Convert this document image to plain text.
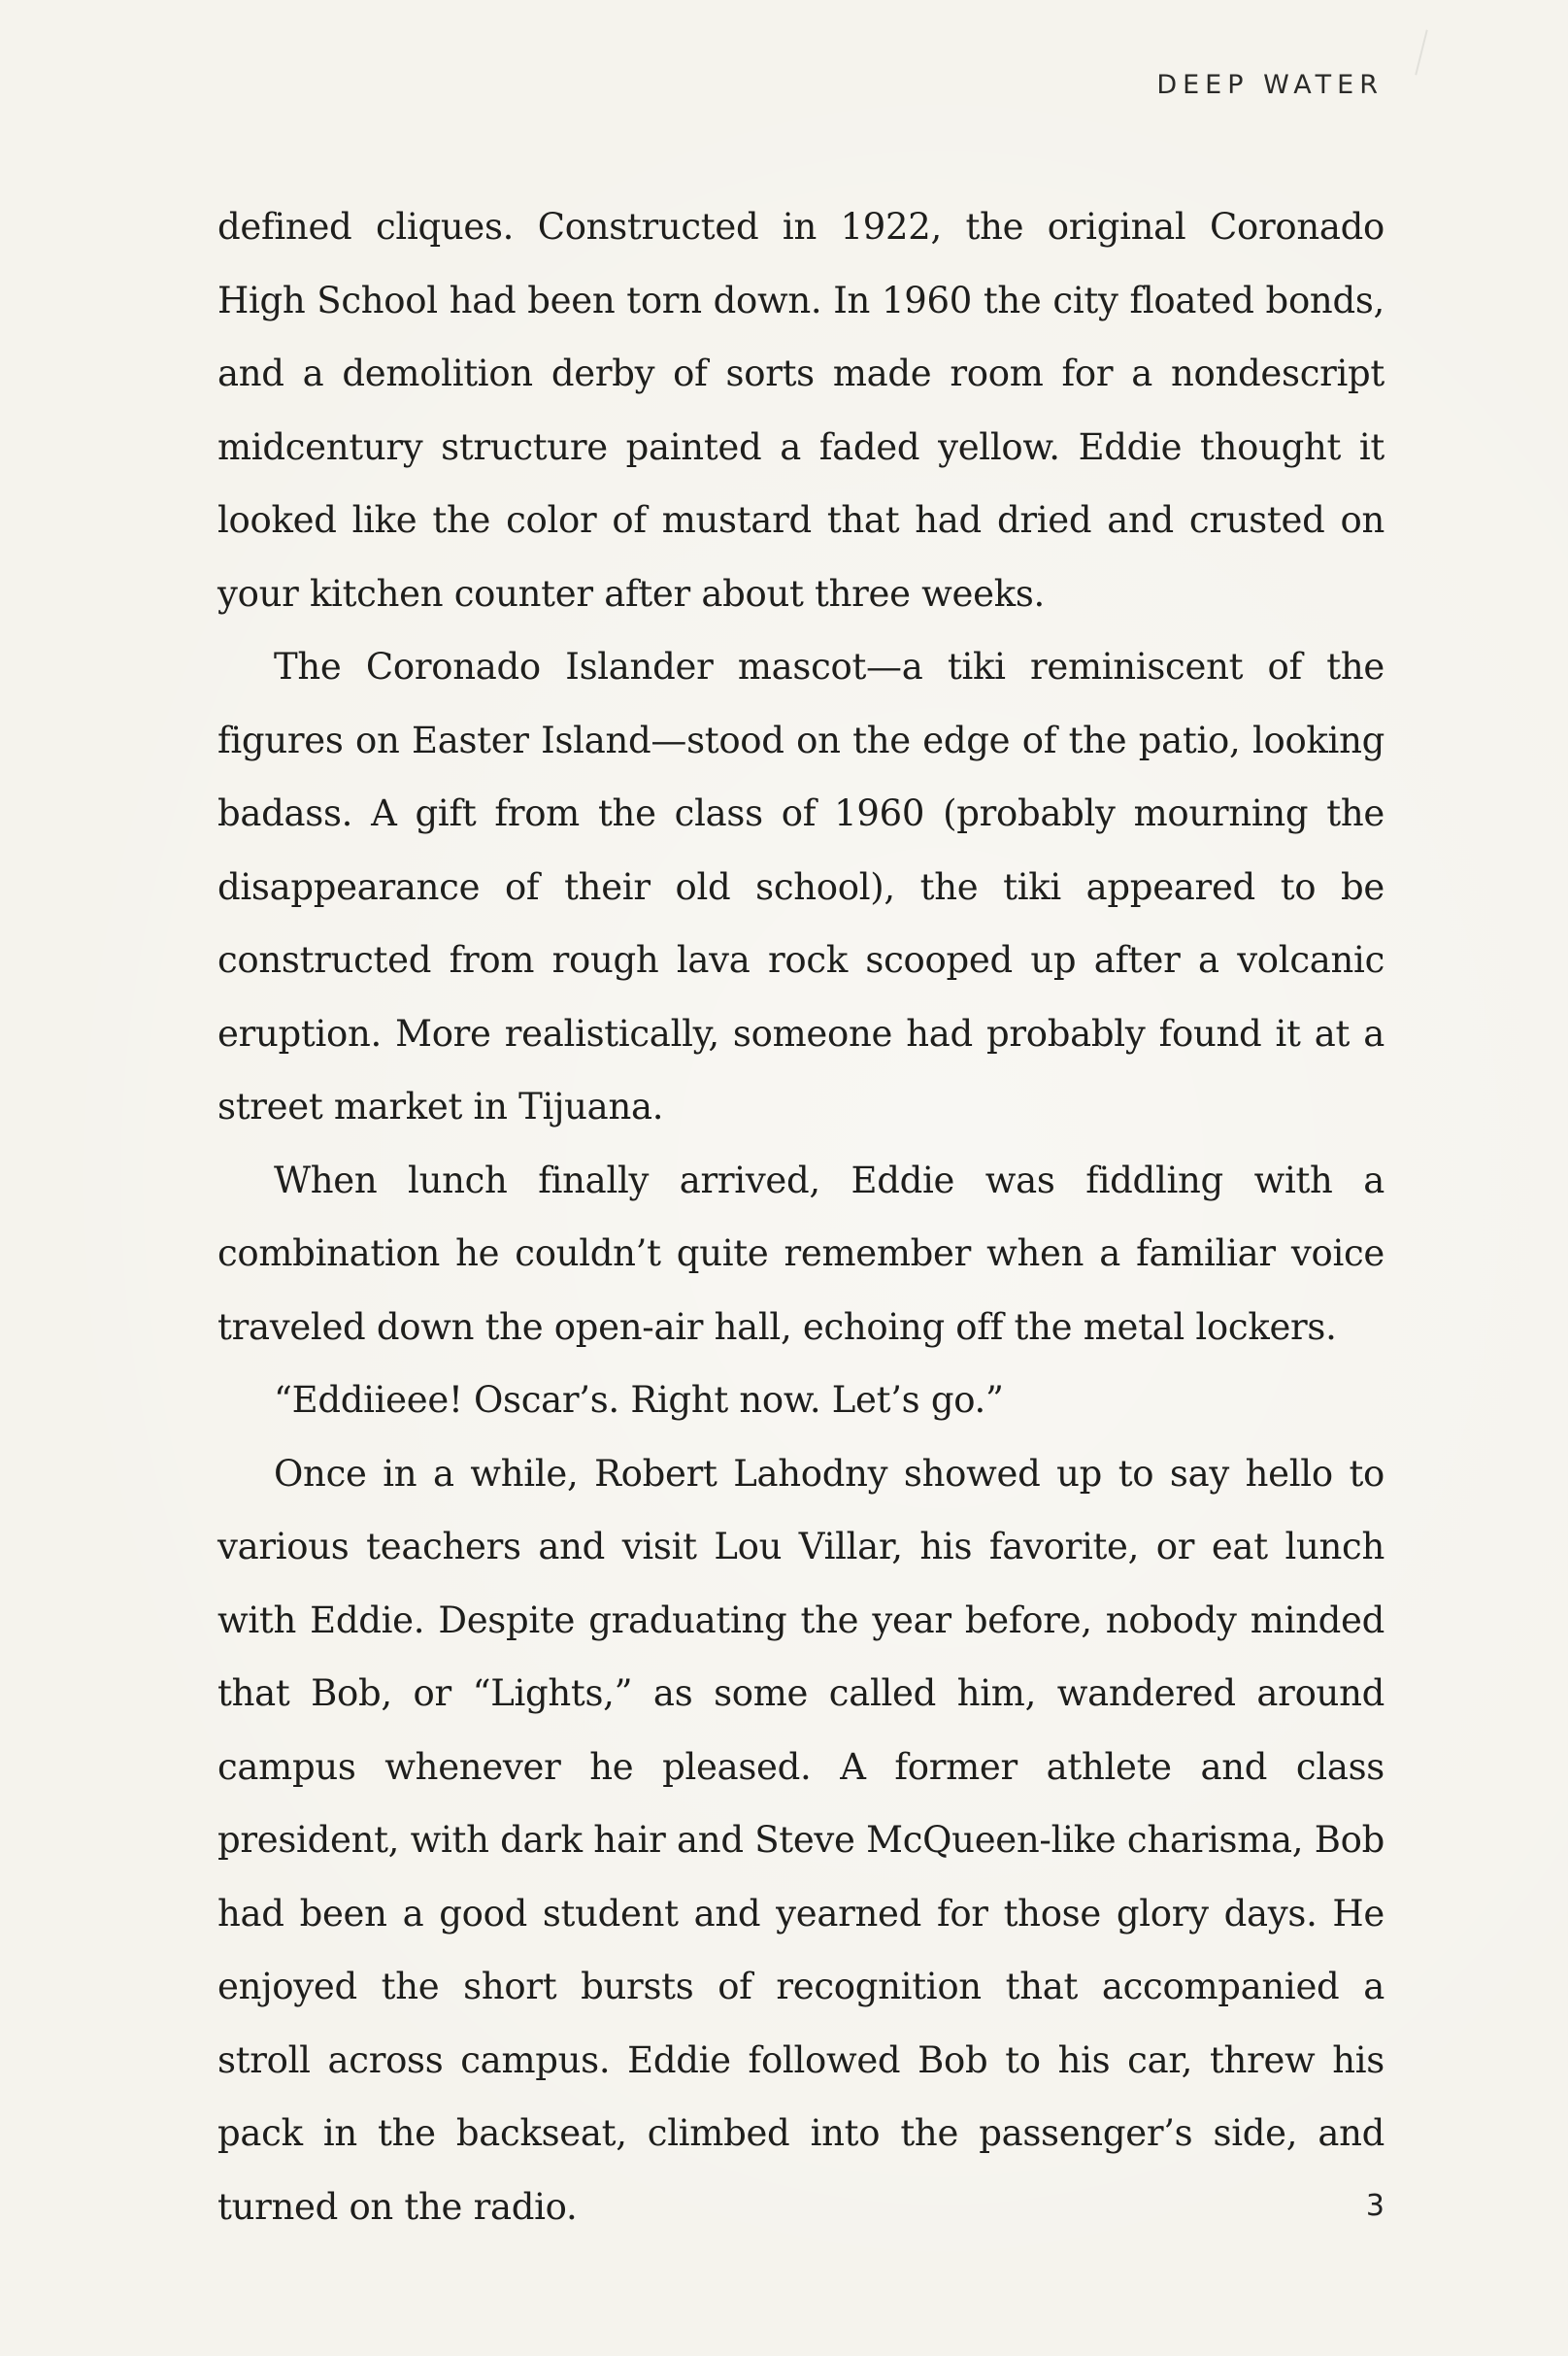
DEEP WATER

defined cliques. Constructed in 1922, the original Coronado High School had been torn down. In 1960 the city floated bonds, and a demolition derby of sorts made room for a nondescript midcentury structure painted a faded yellow. Eddie thought it looked like the color of mustard that had dried and crusted on your kitchen counter after about three weeks.

The Coronado Islander mascot—a tiki reminiscent of the figures on Easter Island—stood on the edge of the patio, looking badass. A gift from the class of 1960 (probably mourning the disappearance of their old school), the tiki appeared to be constructed from rough lava rock scooped up after a volcanic eruption. More realistically, someone had probably found it at a street market in Tijuana.

When lunch finally arrived, Eddie was fiddling with a combination he couldn’t quite remember when a familiar voice traveled down the open-air hall, echoing off the metal lockers.

“Eddiieee! Oscar’s. Right now. Let’s go.”

Once in a while, Robert Lahodny showed up to say hello to various teachers and visit Lou Villar, his favorite, or eat lunch with Eddie. Despite graduating the year before, nobody minded that Bob, or “Lights,” as some called him, wandered around campus whenever he pleased. A former athlete and class president, with dark hair and Steve McQueen-like charisma, Bob had been a good student and yearned for those glory days. He enjoyed the short bursts of recognition that accompanied a stroll across campus. Eddie followed Bob to his car, threw his pack in the backseat, climbed into the passenger’s side, and turned on the radio.	3
